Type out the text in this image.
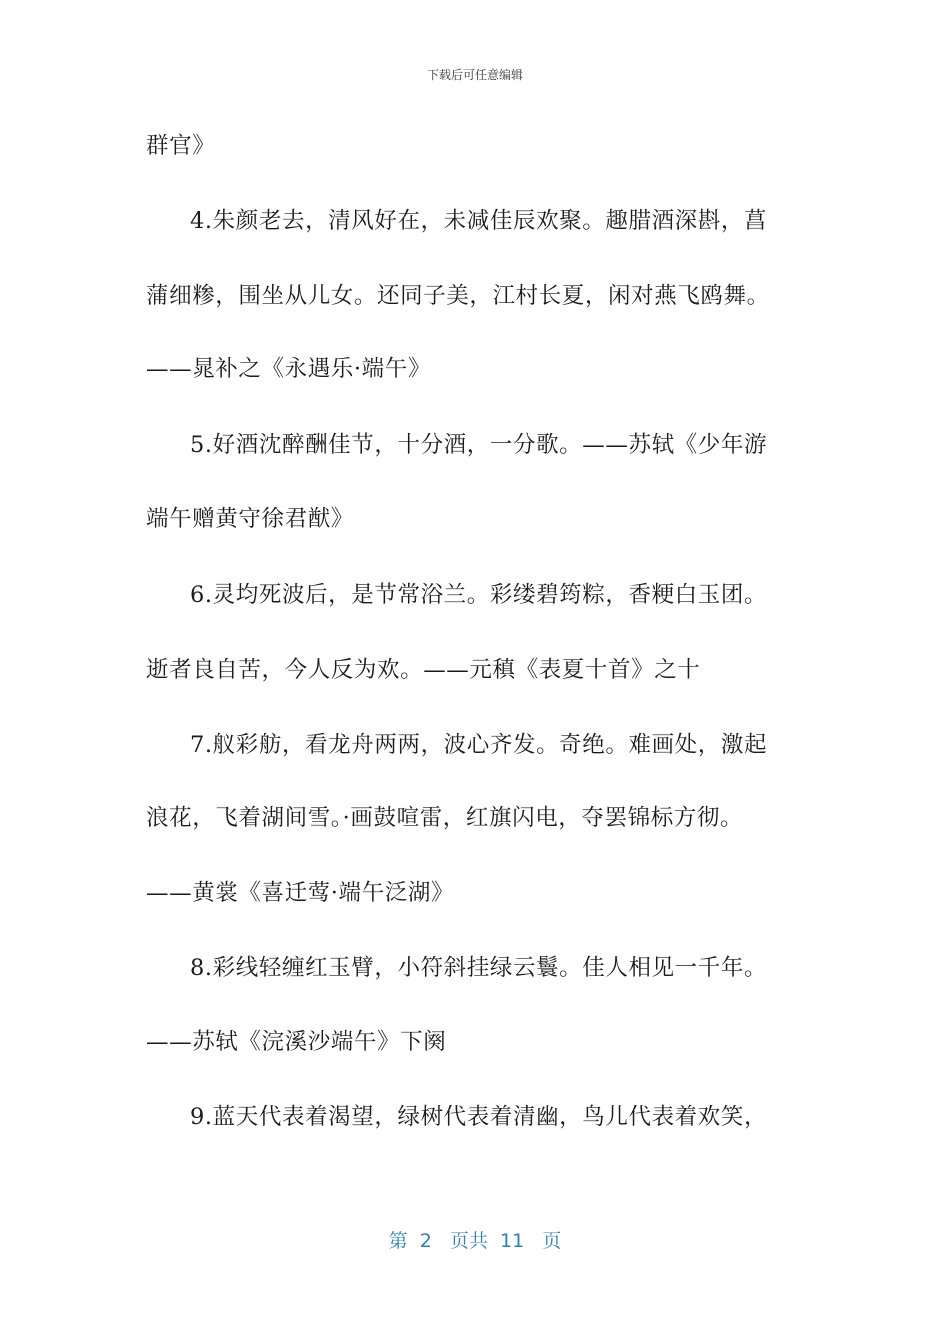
下载后可任意编辑
群官》
4.朱颜老去，清风好在，未减佳辰欢聚。趣腊酒深斟，菖
蒲细糁，围坐从儿女。还同子美，江村长夏，闲对燕飞鸥舞。
——晁补之《永遇乐·端午》
5.好酒沈醉酬佳节，十分酒，一分歌。——苏轼《少年游
端午赠黄守徐君猷》
6.灵均死波后，是节常浴兰。彩缕碧筠粽，香粳白玉团。
逝者良自苦，今人反为欢。——元稹《表夏十首》之十
7.舣彩舫，看龙舟两两，波心齐发。奇绝。难画处，激起
浪花，飞着湖间雪。·画鼓喧雷，红旗闪电，夺罢锦标方彻。
——黄裳《喜迁莺·端午泛湖》
8.彩线轻缠红玉臂，小符斜挂绿云鬟。佳人相见一千年。
——苏轼《浣溪沙端午》下阕
9.蓝天代表着渴望，绿树代表着清幽，鸟儿代表着欢笑，
第  2   页共  11   页
